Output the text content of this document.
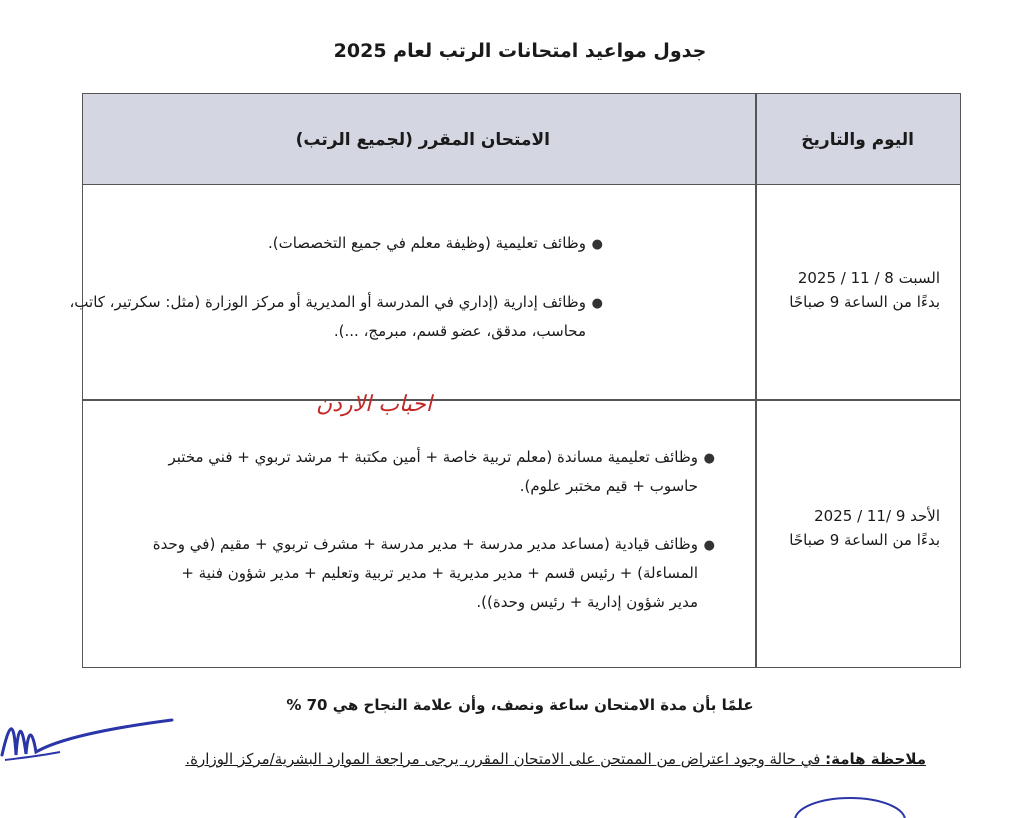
جدول مواعيد امتحانات الرتب لعام 2025
اليوم والتاريخ
الامتحان المقرر (لجميع الرتب)
السبت 8 / 11 / 2025
بدءًا من الساعة 9 صباحًا
●
وظائف تعليمية (وظيفة معلم في جميع التخصصات).
●
وظائف إدارية (إداري في المدرسة أو المديرية أو مركز الوزارة (مثل: سكرتير، كاتب،
محاسب، مدقق، عضو قسم، مبرمج، ...).
الأحد 9 /11 / 2025
بدءًا من الساعة 9 صباحًا
●
وظائف تعليمية مساندة (معلم تربية خاصة + أمين مكتبة + مرشد تربوي + فني مختبر
حاسوب + قيم مختبر علوم).
●
وظائف قيادية (مساعد مدير مدرسة + مدير مدرسة + مشرف تربوي + مقيم (في وحدة
المساءلة) + رئيس قسم + مدير مديرية + مدير تربية وتعليم + مدير شؤون فنية +
مدير شؤون إدارية + رئيس وحدة)).
احباب الاردن
علمًا بأن مدة الامتحان ساعة ونصف، وأن علامة النجاح هي 70 %
ملاحظة هامة: في حالة وجود اعتراض من الممتحن على الامتحان المقرر، يرجى مراجعة الموارد البشرية/مركز الوزارة.
